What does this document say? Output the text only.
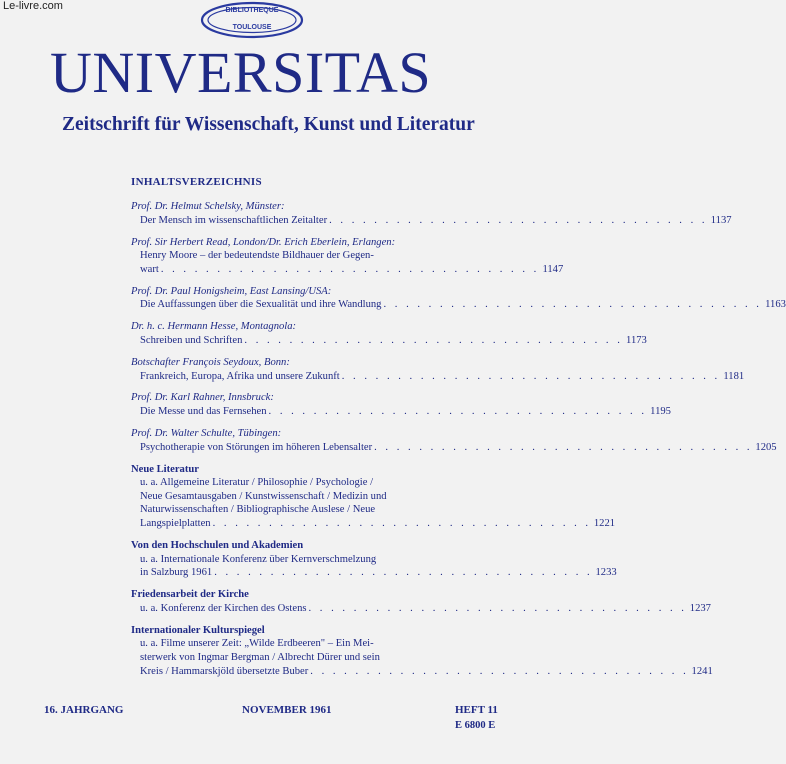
Le-livre.com	BIBLIOTHEQUE
TOULOUSE
UNIVERSITAS
Zeitschrift für Wissenschaft, Kunst und Literatur
INHALTSVERZEICHNIS
Prof. Dr. Helmut Schelsky, Münster:
Der Mensch im wissenschaftlichen Zeitalter . . . . . . . . . . . . . . . . . . . . . . . . . . . . . . . . . . 1137
Prof. Sir Herbert Read, London/Dr. Erich Eberlein, Erlangen:
Henry Moore – der bedeutendste Bildhauer der Gegen-
wart . . . . . . . . . . . . . . . . . . . . . . . . . . . . . . . . . . 1147
Prof. Dr. Paul Honigsheim, East Lansing/USA:
Die Auffassungen über die Sexualität und ihre Wandlung . . . . . . . . . . . . . . . . . . . . . . . . . . . . . . . . . . 1163
Dr. h. c. Hermann Hesse, Montagnola:
Schreiben und Schriften . . . . . . . . . . . . . . . . . . . . . . . . . . . . . . . . . . 1173
Botschafter François Seydoux, Bonn:
Frankreich, Europa, Afrika und unsere Zukunft . . . . . . . . . . . . . . . . . . . . . . . . . . . . . . . . . . 1181
Prof. Dr. Karl Rahner, Innsbruck:
Die Messe und das Fernsehen . . . . . . . . . . . . . . . . . . . . . . . . . . . . . . . . . . 1195
Prof. Dr. Walter Schulte, Tübingen:
Psychotherapie von Störungen im höheren Lebensalter . . . . . . . . . . . . . . . . . . . . . . . . . . . . . . . . . . 1205
Neue Literatur
u. a. Allgemeine Literatur / Philosophie / Psychologie /
Neue Gesamtausgaben / Kunstwissenschaft / Medizin und
Naturwissenschaften / Bibliographische Auslese / Neue
Langspielplatten . . . . . . . . . . . . . . . . . . . . . . . . . . . . . . . . . . 1221
Von den Hochschulen und Akademien
u. a. Internationale Konferenz über Kernverschmelzung
in Salzburg 1961 . . . . . . . . . . . . . . . . . . . . . . . . . . . . . . . . . . 1233
Friedensarbeit der Kirche
u. a. Konferenz der Kirchen des Ostens . . . . . . . . . . . . . . . . . . . . . . . . . . . . . . . . . . 1237
Internationaler Kulturspiegel
u. a. Filme unserer Zeit: „Wilde Erdbeeren" – Ein Mei-
sterwerk von Ingmar Bergman / Albrecht Dürer und sein
Kreis / Hammarskjöld übersetzte Buber . . . . . . . . . . . . . . . . . . . . . . . . . . . . . . . . . . 1241
16. JAHRGANG	NOVEMBER 1961	HEFT 11
E 6800 E
